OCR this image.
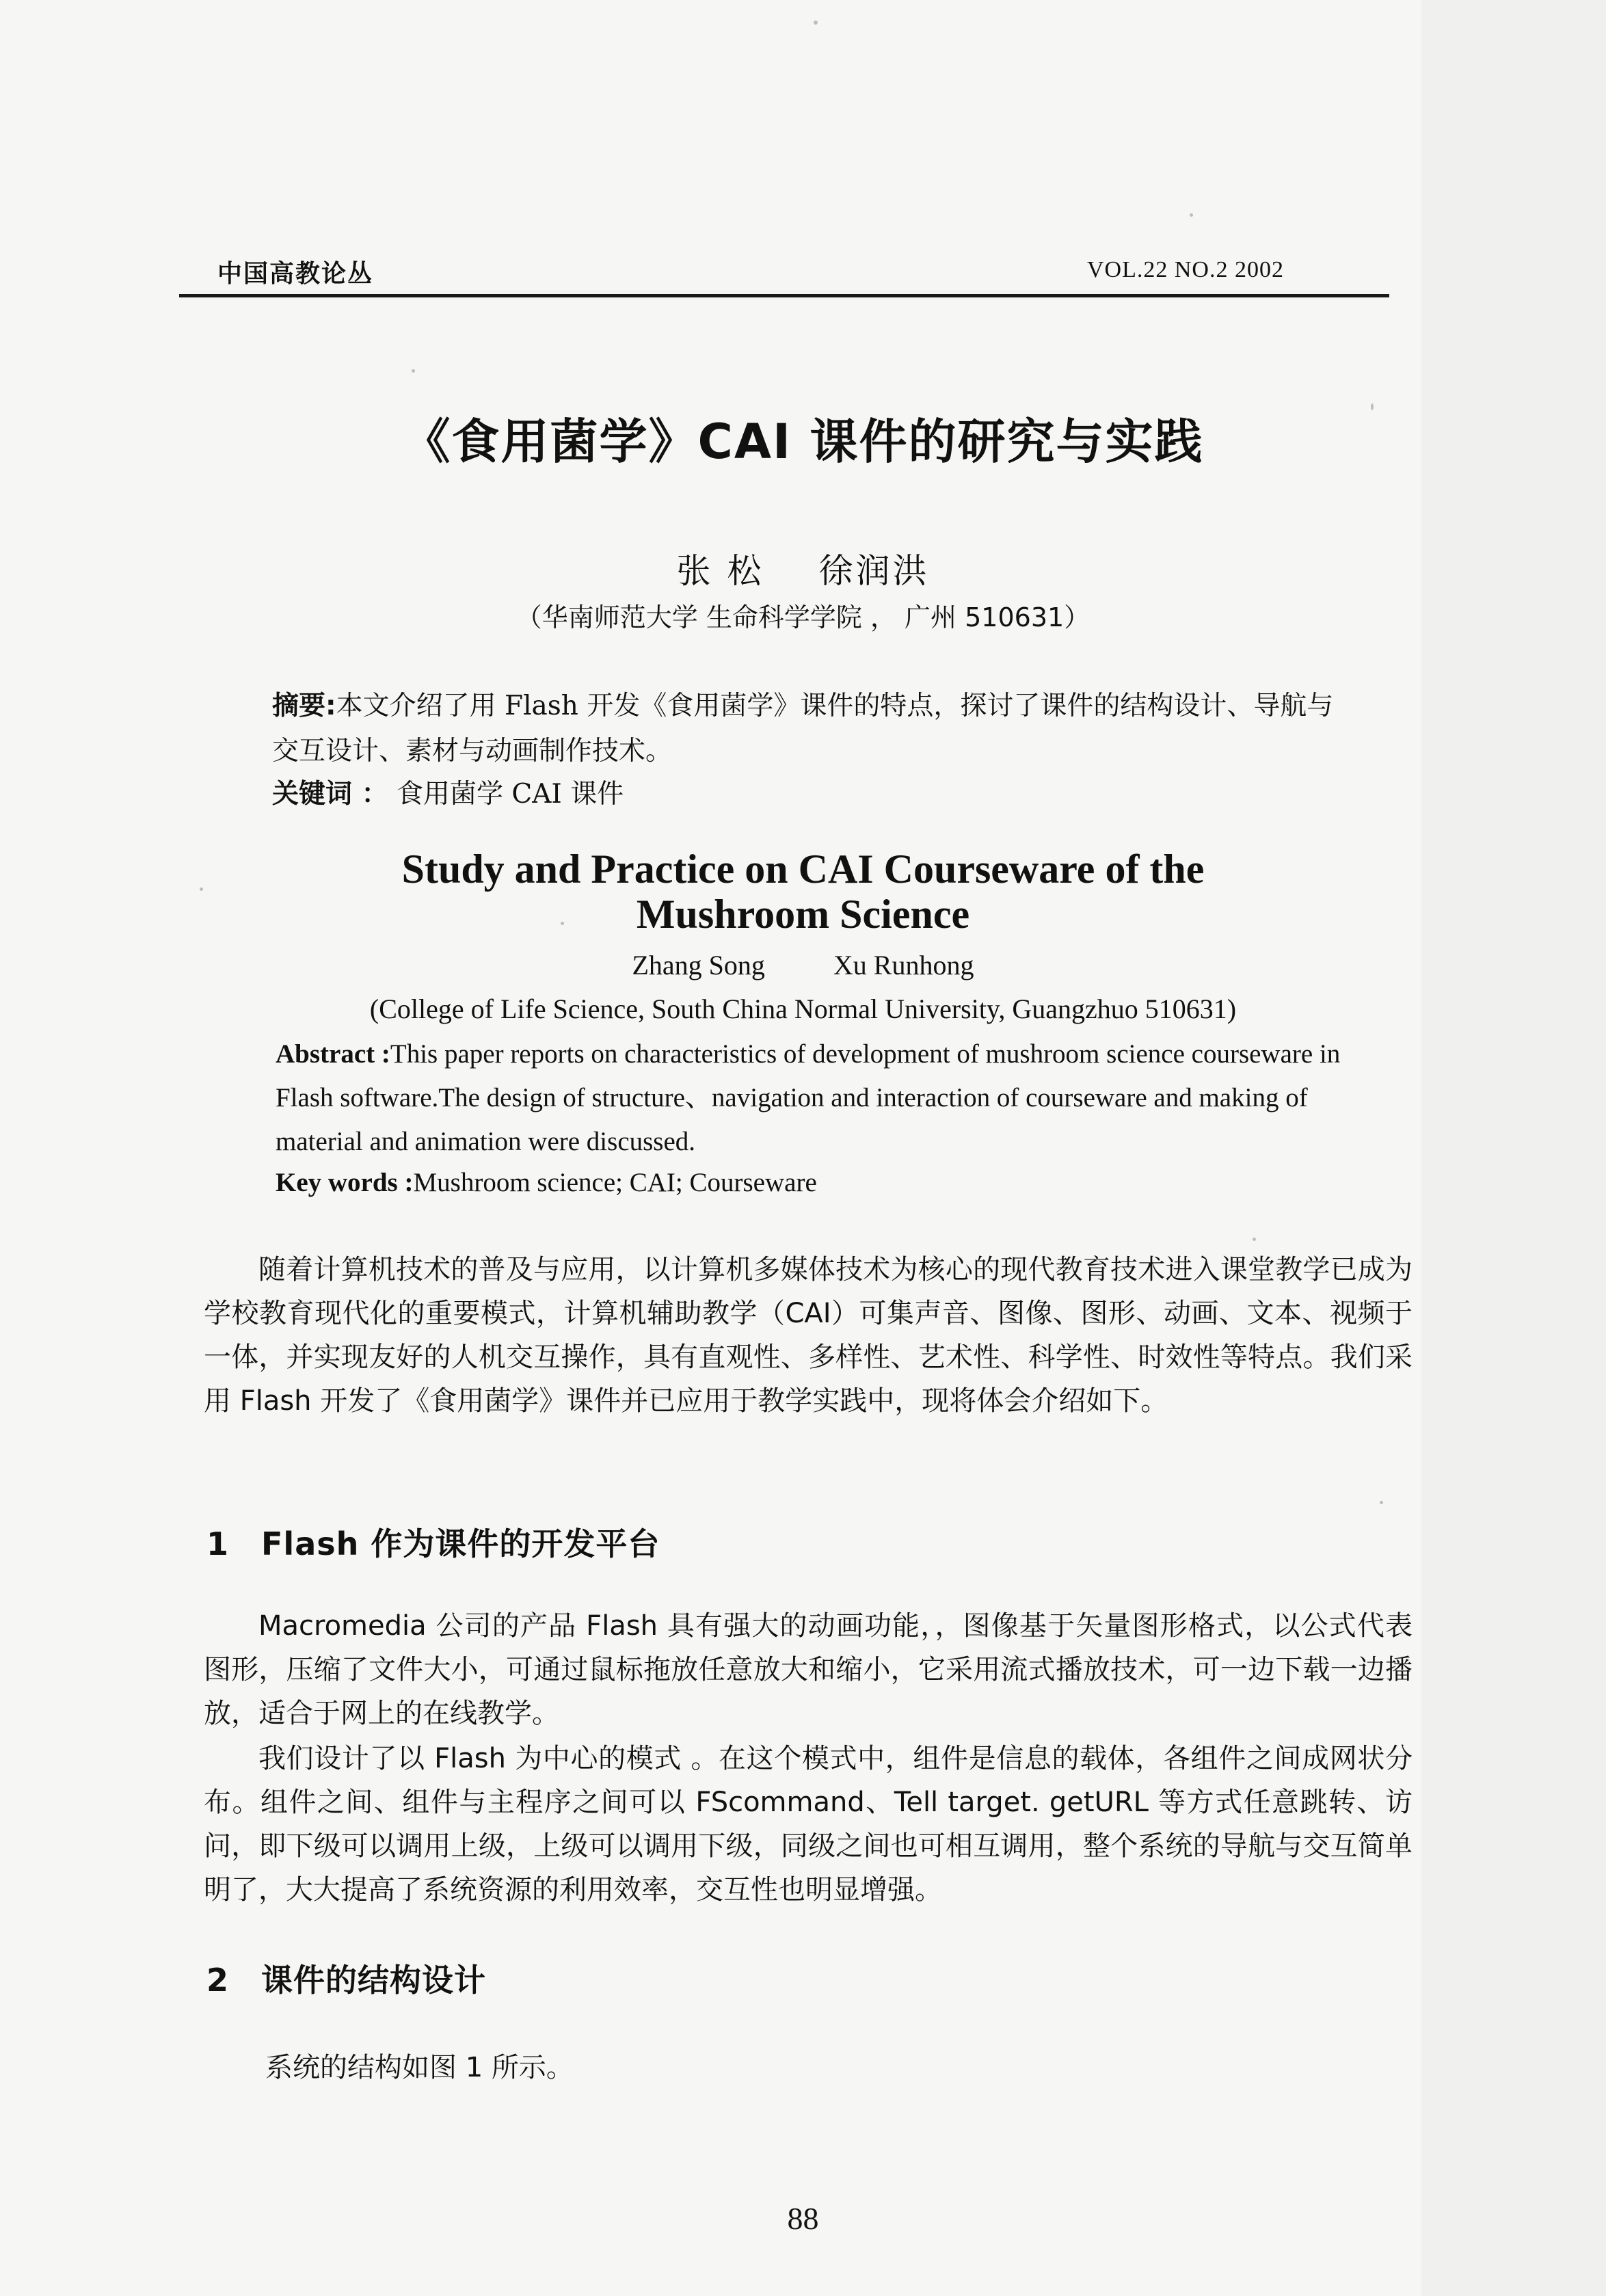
中国高教论丛	VOL.22 NO.2 2002
《食用菌学》CAI 课件的研究与实践
张 松 徐润洪
（华南师范大学 生命科学学院 ， 广州 510631）
摘要:本文介绍了用 Flash 开发《食用菌学》课件的特点，探讨了课件的结构设计、导航与交互设计、素材与动画制作技术。
关键词 ： 食用菌学 CAI 课件
Study and Practice on CAI Courseware of the
Mushroom Science
Zhang Song	Xu Runhong
(College of Life Science, South China Normal University, Guangzhuo 510631)
Abstract :This paper reports on characteristics of development of mushroom science courseware in Flash software.The design of structure、navigation and interaction of courseware and making of material and animation were discussed.
Key words :Mushroom science; CAI; Courseware
随着计算机技术的普及与应用，以计算机多媒体技术为核心的现代教育技术进入课堂教学已成为学校教育现代化的重要模式，计算机辅助教学（CAI）可集声音、图像、图形、动画、文本、视频于一体，并实现友好的人机交互操作，具有直观性、多样性、艺术性、科学性、时效性等特点。我们采用 Flash 开发了《食用菌学》课件并已应用于教学实践中，现将体会介绍如下。
1 Flash 作为课件的开发平台
Macromedia 公司的产品 Flash 具有强大的动画功能，，图像基于矢量图形格式，以公式代表图形，压缩了文件大小，可通过鼠标拖放任意放大和缩小，它采用流式播放技术，可一边下载一边播放，适合于网上的在线教学。
我们设计了以 Flash 为中心的模式 。在这个模式中，组件是信息的载体，各组件之间成网状分布。组件之间、组件与主程序之间可以 FScommand、Tell target. getURL 等方式任意跳转、访问，即下级可以调用上级，上级可以调用下级，同级之间也可相互调用，整个系统的导航与交互简单明了，大大提高了系统资源的利用效率，交互性也明显增强。
2 课件的结构设计
系统的结构如图 1 所示。
88
